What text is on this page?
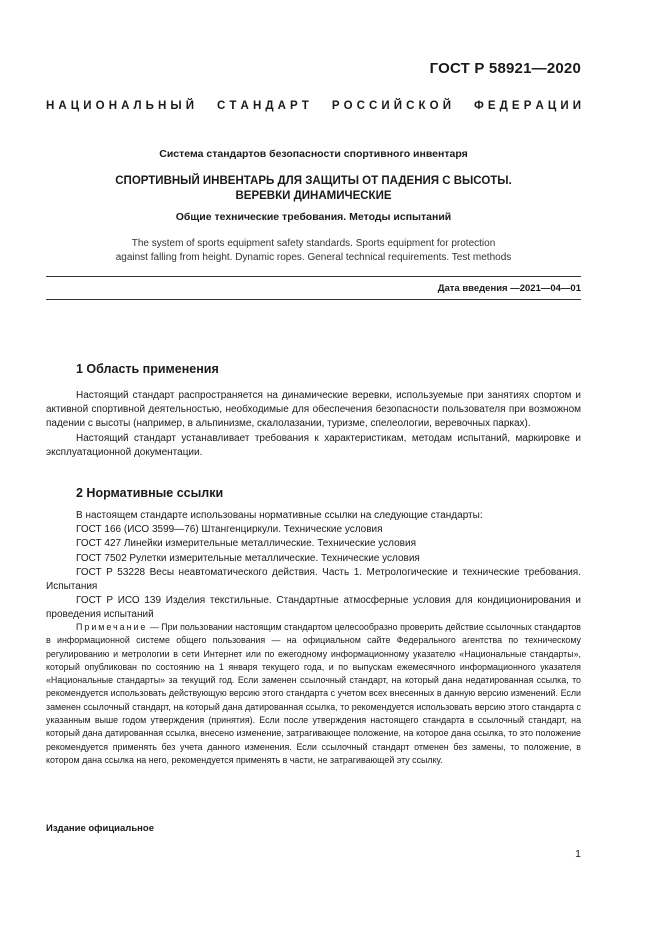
ГОСТ Р 58921—2020
Н А Ц И О Н А Л Ь Н Ы Й  С Т А Н Д А Р Т  Р О С С И Й С К О Й  Ф Е Д Е Р А Ц И И
Система стандартов безопасности спортивного инвентаря
СПОРТИВНЫЙ ИНВЕНТАРЬ ДЛЯ ЗАЩИТЫ ОТ ПАДЕНИЯ С ВЫСОТЫ.
ВЕРЕВКИ ДИНАМИЧЕСКИЕ
Общие технические требования. Методы испытаний
The system of sports equipment safety standards. Sports equipment for protection
against falling from height. Dynamic ropes. General technical requirements. Test methods
Дата введения —2021—04—01
1 Область применения

Настоящий стандарт распространяется на динамические веревки, используемые при занятиях спортом и активной спортивной деятельностью, необходимые для обеспечения безопасности пользователя при возможном падении с высоты (например, в альпинизме, скалолазании, туризме, спелеологии, веревочных парках).

Настоящий стандарт устанавливает требования к характеристикам, методам испытаний, маркировке и эксплуатационной документации.

2 Нормативные ссылки

В настоящем стандарте использованы нормативные ссылки на следующие стандарты:

ГОСТ 166 (ИСО 3599—76) Штангенциркули. Технические условия

ГОСТ 427 Линейки измерительные металлические. Технические условия

ГОСТ 7502 Рулетки измерительные металлические. Технические условия

ГОСТ Р 53228 Весы неавтоматического действия. Часть 1. Метрологические и технические требования. Испытания

ГОСТ Р ИСО 139 Изделия текстильные. Стандартные атмосферные условия для кондиционирования и проведения испытаний

Примечание — При пользовании настоящим стандартом целесообразно проверить действие ссылочных стандартов в информационной системе общего пользования — на официальном сайте Федерального агентства по техническому регулированию и метрологии в сети Интернет или по ежегодному информационному указателю «Национальные стандарты», который опубликован по состоянию на 1 января текущего года, и по выпускам ежемесячного информационного указателя «Национальные стандарты» за текущий год. Если заменен ссылочный стандарт, на который дана недатированная ссылка, то рекомендуется использовать действующую версию этого стандарта с учетом всех внесенных в данную версию изменений. Если заменен ссылочный стандарт, на который дана датированная ссылка, то рекомендуется использовать версию этого стандарта с указанным выше годом утверждения (принятия). Если после утверждения настоящего стандарта в ссылочный стандарт, на который дана датированная ссылка, внесено изменение, затрагивающее положение, на которое дана ссылка, то это положение рекомендуется применять без учета данного изменения. Если ссылочный стандарт отменен без замены, то положение, в котором дана ссылка на него, рекомендуется применять в части, не затрагивающей эту ссылку.

Издание официальное
1
